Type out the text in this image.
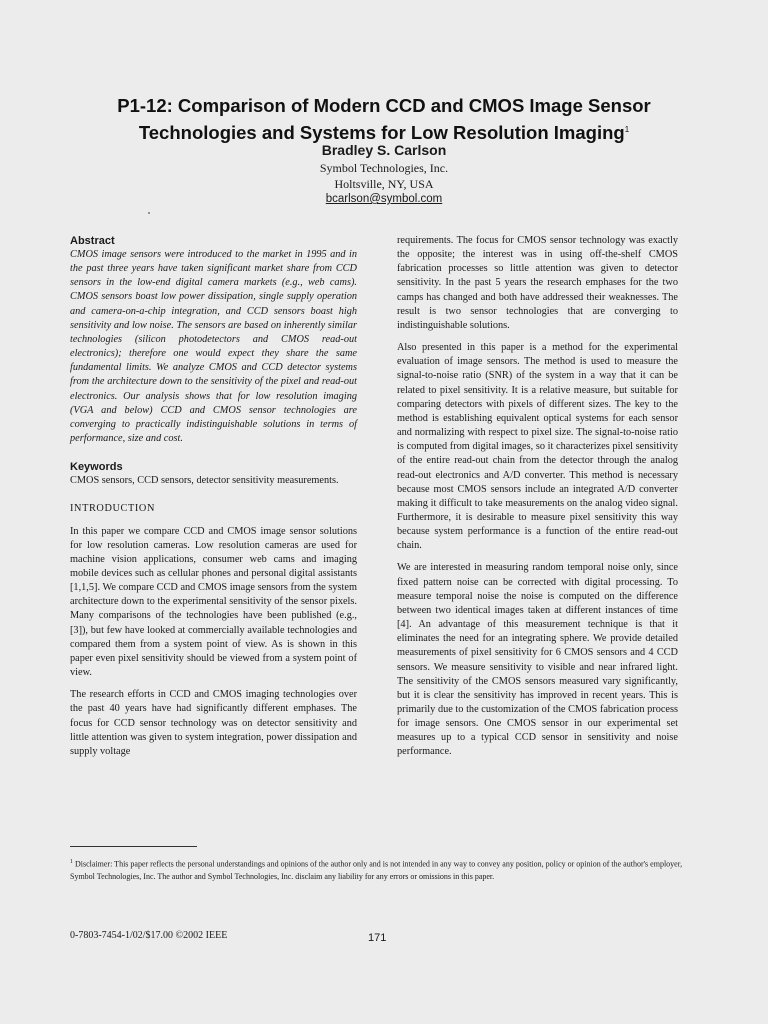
P1-12: Comparison of Modern CCD and CMOS Image Sensor
Technologies and Systems for Low Resolution Imaging$^1$
Bradley S. Carlson
Symbol Technologies, Inc.
Holtsville, NY, USA
bcarlson@symbol.com
Abstract

CMOS image sensors were introduced to the market in 1995 and in the past three years have taken significant market share from CCD sensors in the low-end digital camera markets (e.g., web cams). CMOS sensors boast low power dissipation, single supply operation and camera-on-a-chip integration, and CCD sensors boast high sensitivity and low noise. The sensors are based on inherently similar technologies (silicon photodetectors and CMOS read-out electronics); therefore one would expect they share the same fundamental limits. We analyze CMOS and CCD detector systems from the architecture down to the sensitivity of the pixel and read-out electronics. Our analysis shows that for low resolution imaging (VGA and below) CCD and CMOS sensor technologies are converging to practically indistinguishable solutions in terms of performance, size and cost.

Keywords

CMOS sensors, CCD sensors, detector sensitivity measurements.

INTRODUCTION

In this paper we compare CCD and CMOS image sensor solutions for low resolution cameras. Low resolution cameras are used for machine vision applications, consumer web cams and imaging mobile devices such as cellular phones and personal digital assistants [1,1,5]. We compare CCD and CMOS image sensors from the system architecture down to the experimental sensitivity of the sensor pixels. Many comparisons of the technologies have been published (e.g., [3]), but few have looked at commercially available technologies and compared them from a system point of view. As is shown in this paper even pixel sensitivity should be viewed from a system point of view.

The research efforts in CCD and CMOS imaging technologies over the past 40 years have had significantly different emphases. The focus for CCD sensor technology was on detector sensitivity and little attention was given to system integration, power dissipation and supply voltage

requirements. The focus for CMOS sensor technology was exactly the opposite; the interest was in using off-the-shelf CMOS fabrication processes so little attention was given to detector sensitivity. In the past 5 years the research emphases for the two camps has changed and both have addressed their weaknesses. The result is two sensor technologies that are converging to indistinguishable solutions.

Also presented in this paper is a method for the experimental evaluation of image sensors. The method is used to measure the signal-to-noise ratio (SNR) of the system in a way that it can be related to pixel sensitivity. It is a relative measure, but suitable for comparing detectors with pixels of different sizes. The key to the method is establishing equivalent optical systems for each sensor and normalizing with respect to pixel size. The signal-to-noise ratio is computed from digital images, so it characterizes pixel sensitivity of the entire read-out chain from the detector through the analog read-out electronics and A/D converter. This method is necessary because most CMOS sensors include an integrated A/D converter making it difficult to take measurements on the analog video signal. Furthermore, it is desirable to measure pixel sensitivity this way because system performance is a function of the entire read-out chain.

We are interested in measuring random temporal noise only, since fixed pattern noise can be corrected with digital processing. To measure temporal noise the noise is computed on the difference between two identical images taken at different instances of time [4]. An advantage of this measurement technique is that it eliminates the need for an integrating sphere. We provide detailed measurements of pixel sensitivity for 6 CMOS sensors and 4 CCD sensors. We measure sensitivity to visible and near infrared light. The sensitivity of the CMOS sensors measured vary significantly, but it is clear the sensitivity has improved in recent years. This is primarily due to the customization of the CMOS fabrication process for image sensors. One CMOS sensor in our experimental set measures up to a typical CCD sensor in sensitivity and noise performance.

$^1$ Disclaimer: This paper reflects the personal understandings and opinions of the author only and is not intended in any way to convey any position, policy or opinion of the author's employer, Symbol Technologies, Inc. The author and Symbol Technologies, Inc. disclaim any liability for any errors or omissions in this paper.
0-7803-7454-1/02/$17.00 ©2002 IEEE	171
